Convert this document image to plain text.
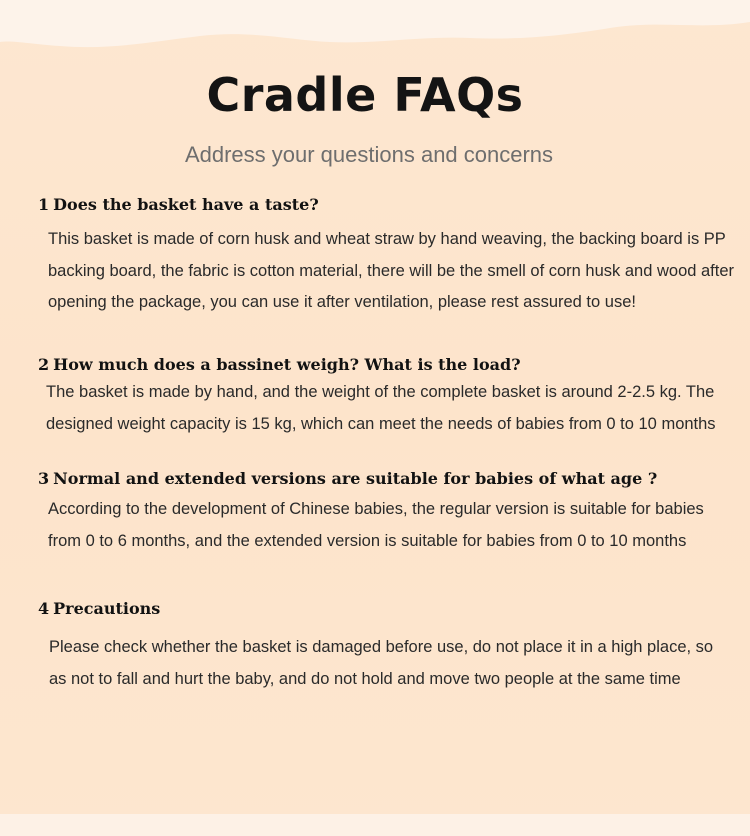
Cradle FAQs

Address your questions and concerns

1 Does the basket have a taste?

This basket is made of corn husk and wheat straw by hand weaving, the backing board is PP backing board, the fabric is cotton material, there will be the smell of corn husk and wood after opening the package, you can use it after ventilation, please rest assured to use!

2 How much does a bassinet weigh? What is the load?

The basket is made by hand, and the weight of the complete basket is around 2-2.5 kg. The designed weight capacity is 15 kg, which can meet the needs of babies from 0 to 10 months

3 Normal and extended versions are suitable for babies of what age ?

According to the development of Chinese babies, the regular version is suitable for babies from 0 to 6 months, and the extended version is suitable for babies from 0 to 10 months

4 Precautions

Please check whether the basket is damaged before use, do not place it in a high place, so as not to fall and hurt the baby, and do not hold and move two people at the same time
